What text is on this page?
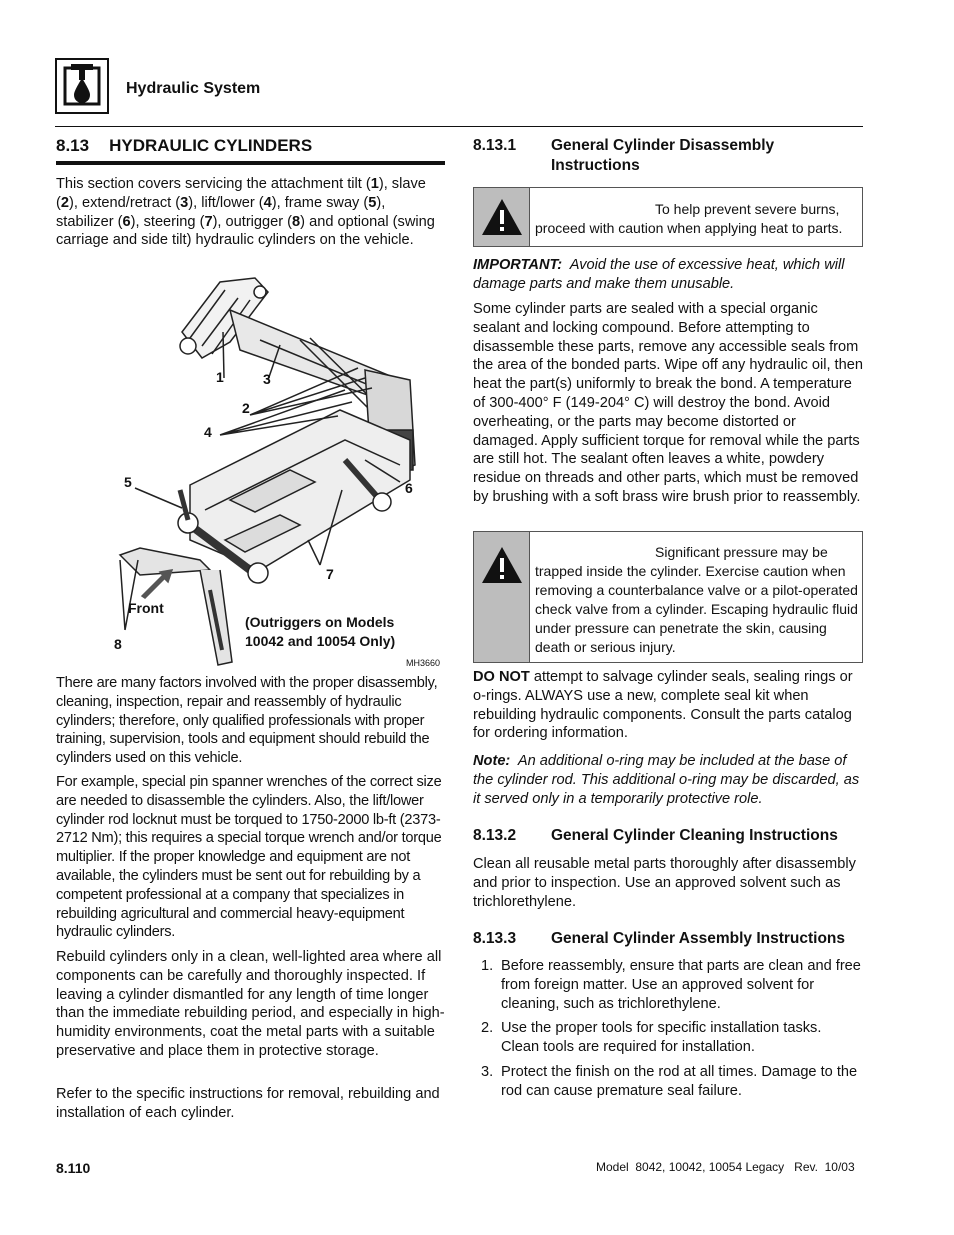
Hydraulic System
8.13 HYDRAULIC CYLINDERS

This section covers servicing the attachment tilt (1), slave (2), extend/retract (3), lift/lower (4), frame sway (5), stabilizer (6), steering (7), outrigger (8) and optional (swing carriage and side tilt) hydraulic cylinders on the vehicle.

1	3
2
4
5	6
7
8
Front
(Outriggers on Models
10042 and 10054 Only)
MH3660

There are many factors involved with the proper disassembly, cleaning, inspection, repair and reassembly of hydraulic cylinders; therefore, only qualified professionals with proper training, supervision, tools and equipment should rebuild the cylinders used on this vehicle.

For example, special pin spanner wrenches of the correct size are needed to disassemble the cylinders. Also, the lift/lower cylinder rod locknut must be torqued to 1750-2000 lb-ft (2373-2712 Nm); this requires a special torque wrench and/or torque multiplier. If the proper knowledge and equipment are not available, the cylinders must be sent out for rebuilding by a competent professional at a company that specializes in rebuilding agricultural and commercial heavy-equipment hydraulic cylinders.

Rebuild cylinders only in a clean, well-lighted area where all components can be carefully and thoroughly inspected. If leaving a cylinder dismantled for any length of time longer than the immediate rebuilding period, and especially in high-humidity environments, coat the metal parts with a suitable preservative and place them in protective storage.

Refer to the specific instructions for removal, rebuilding and installation of each cylinder.

8.13.1	General Cylinder Disassembly
Instructions
To help prevent severe burns, proceed with caution when applying heat to parts.

IMPORTANT: Avoid the use of excessive heat, which will damage parts and make them unusable.

Some cylinder parts are sealed with a special organic sealant and locking compound. Before attempting to disassemble these parts, remove any accessible seals from the area of the bonded parts. Wipe off any hydraulic oil, then heat the part(s) uniformly to break the bond. A temperature of 300-400° F (149-204° C) will destroy the bond. Avoid overheating, or the parts may become distorted or damaged. Apply sufficient torque for removal while the parts are still hot. The sealant often leaves a white, powdery residue on threads and other parts, which must be removed by brushing with a soft brass wire brush prior to reassembly.

Significant pressure may be trapped inside the cylinder. Exercise caution when removing a counterbalance valve or a pilot-operated check valve from a cylinder. Escaping hydraulic fluid under pressure can penetrate the skin, causing death or serious injury.

DO NOT attempt to salvage cylinder seals, sealing rings or o-rings. ALWAYS use a new, complete seal kit when rebuilding hydraulic components. Consult the parts catalog for ordering information.

Note: An additional o-ring may be included at the base of the cylinder rod. This additional o-ring may be discarded, as it served only in a temporarily protective role.

8.13.2	General Cylinder Cleaning Instructions

Clean all reusable metal parts thoroughly after disassembly and prior to inspection. Use an approved solvent such as trichlorethylene.

8.13.3	General Cylinder Assembly Instructions
1. Before reassembly, ensure that parts are clean and free from foreign matter. Use an approved solvent for cleaning, such as trichlorethylene.
2. Use the proper tools for specific installation tasks. Clean tools are required for installation.
3. Protect the finish on the rod at all times. Damage to the rod can cause premature seal failure.
8.110	Model  8042, 10042, 10054 Legacy   Rev.  10/03
